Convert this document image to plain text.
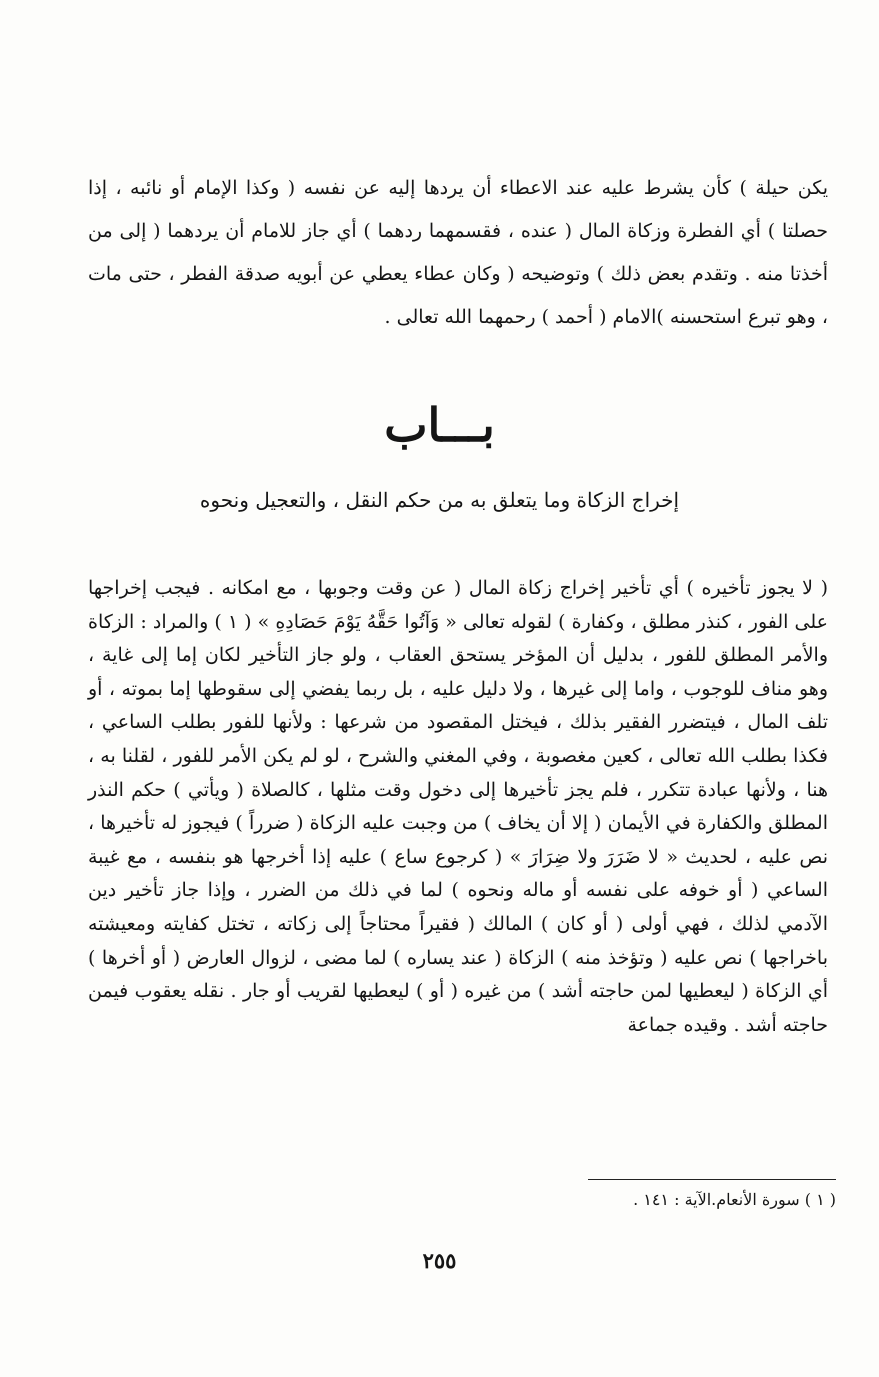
يكن حيلة ) كأن يشرط عليه عند الاعطاء أن يردها إليه عن نفسه ( وكذا الإمام أو نائبه ، إذا حصلتا ) أي الفطرة وزكاة المال ( عنده ، فقسمهما ردهما ) أي جاز للامام أن يردهما ( إلى من أخذتا منه . وتقدم بعض ذلك ) وتوضيحه ( وكان عطاء يعطي عن أبويه صدقة الفطر ، حتى مات ، وهو تبرع استحسنه )الامام ( أحمد ) رحمهما الله تعالى .

بـــاب
إخراج الزكاة وما يتعلق به من حكم النقل ، والتعجيل ونحوه

( لا يجوز تأخيره ) أي تأخير إخراج زكاة المال ( عن وقت وجوبها ، مع امكانه . فيجب إخراجها على الفور ، كنذر مطلق ، وكفارة ) لقوله تعالى « وَآتُوا حَقَّهُ يَوْمَ حَصَادِهِ » ( ١ ) والمراد : الزكاة والأمر المطلق للفور ، بدليل أن المؤخر يستحق العقاب ، ولو جاز التأخير لكان إما إلى غاية ، وهو مناف للوجوب ، واما إلى غيرها ، ولا دليل عليه ، بل ربما يفضي إلى سقوطها إما بموته ، أو تلف المال ، فيتضرر الفقير بذلك ، فيختل المقصود من شرعها : ولأنها للفور بطلب الساعي ، فكذا بطلب الله تعالى ، كعين مغصوبة ، وفي المغني والشرح ، لو لم يكن الأمر للفور ، لقلنا به ، هنا ، ولأنها عبادة تتكرر ، فلم يجز تأخيرها إلى دخول وقت مثلها ، كالصلاة ( ويأتي ) حكم النذر المطلق والكفارة في الأيمان ( إلا أن يخاف ) من وجبت عليه الزكاة ( ضرراً ) فيجوز له تأخيرها ، نص عليه ، لحديث « لا ضَرَرَ ولا ضِرَارَ » ( كرجوع ساع ) عليه إذا أخرجها هو بنفسه ، مع غيبة الساعي ( أو خوفه على نفسه أو ماله ونحوه ) لما في ذلك من الضرر ، وإذا جاز تأخير دين الآدمي لذلك ، فهي أولى ( أو كان ) المالك ( فقيراً محتاجاً إلى زكاته ، تختل كفايته ومعيشته باخراجها ) نص عليه ( وتؤخذ منه ) الزكاة ( عند يساره ) لما مضى ، لزوال العارض ( أو أخرها ) أي الزكاة ( ليعطيها لمن حاجته أشد ) من غيره ( أو ) ليعطيها لقريب أو جار . نقله يعقوب فيمن حاجته أشد . وقيده جماعة

( ١ ) سورة الأنعام.الآية : ١٤١ .
٢٥٥
